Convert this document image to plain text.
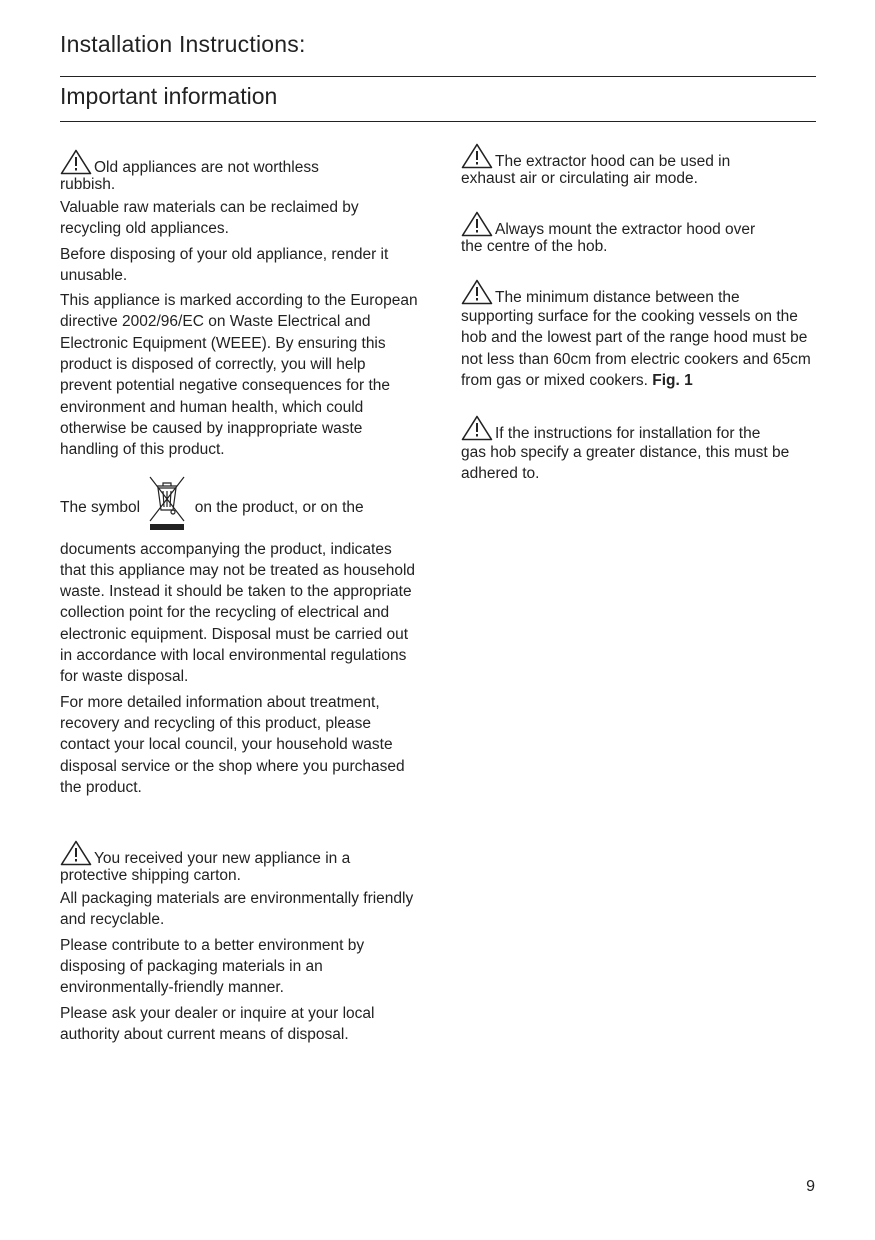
Installation Instructions:
Important information
Old appliances are not worthless
rubbish.

Valuable raw materials can be reclaimed by recycling old appliances.

Before disposing of your old appliance, render it unusable.

This appliance is marked according to the European directive 2002/96/EC on Waste Electrical and Electronic Equipment (WEEE). By ensuring this product is disposed of correctly, you will help prevent potential negative consequences for the environment and human health, which could otherwise be caused by inappropriate waste handling of this product.

The symbol	on the product, or on the

documents accompanying the product, indicates that this appliance may not be treated as household waste. Instead it should be taken to the appropriate collection point for the recycling of electrical and electronic equipment. Disposal must be carried out in accordance with local environmental regulations for waste disposal.

For more detailed information about treatment, recovery and recycling of this product, please contact your local council, your household waste disposal service or the shop where you purchased the product.

You received your new appliance in a
protective shipping carton.

All packaging materials are environmentally friendly and recyclable.

Please contribute to a better environment by disposing of packaging materials in an environmentally-friendly manner.

Please ask your dealer or inquire at your local authority about current means of disposal.

The extractor hood can be used in
exhaust air or circulating air mode.
Always mount the extractor hood over
the centre of the hob.
The minimum distance between the
supporting surface for the cooking vessels on the hob and the lowest part of the range hood must be not less than 60cm from electric cookers and 65cm from gas or mixed cookers. Fig. 1
If the instructions for installation for the
gas hob specify a greater distance, this must be adhered to.
9
